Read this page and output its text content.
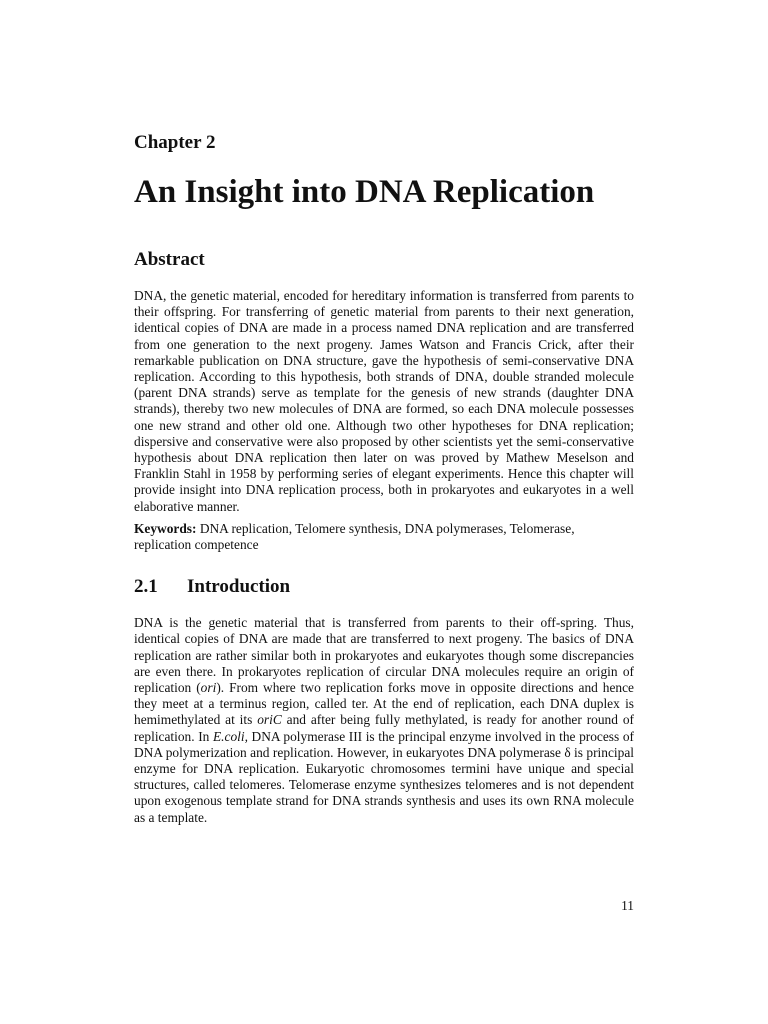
Chapter 2
An Insight into DNA Replication
Abstract

DNA, the genetic material, encoded for hereditary information is transferred from parents to their offspring. For transferring of genetic material from parents to their next generation, identical copies of DNA are made in a process named DNA replication and are transferred from one generation to the next progeny. James Watson and Francis Crick, after their remarkable publication on DNA structure, gave the hypothesis of semi-conservative DNA replication. According to this hypothesis, both strands of DNA, double stranded molecule (parent DNA strands) serve as template for the genesis of new strands (daughter DNA strands), thereby two new molecules of DNA are formed, so each DNA molecule possesses one new strand and other old one. Although two other hypotheses for DNA replication; dispersive and conservative were also proposed by other scientists yet the semi-conservative hypothesis about DNA replication then later on was proved by Mathew Meselson and Franklin Stahl in 1958 by performing series of elegant experiments. Hence this chapter will provide insight into DNA replication process, both in prokaryotes and eukaryotes in a well elaborative manner.

Keywords: DNA replication, Telomere synthesis, DNA polymerases, Telomerase, replication competence

2.1 Introduction

DNA is the genetic material that is transferred from parents to their off-spring. Thus, identical copies of DNA are made that are transferred to next progeny. The basics of DNA replication are rather similar both in prokaryotes and eukaryotes though some discrepancies are even there. In prokaryotes replication of circular DNA molecules require an origin of replication (ori). From where two replication forks move in opposite directions and hence they meet at a terminus region, called ter. At the end of replication, each DNA duplex is hemimethylated at its oriC and after being fully methylated, is ready for another round of replication. In E.coli, DNA polymerase III is the principal enzyme involved in the process of DNA polymerization and replication. However, in eukaryotes DNA polymerase δ is principal enzyme for DNA replication. Eukaryotic chromosomes termini have unique and special structures, called telomeres. Telomerase enzyme synthesizes telomeres and is not dependent upon exogenous template strand for DNA strands synthesis and uses its own RNA molecule as a template.

11
